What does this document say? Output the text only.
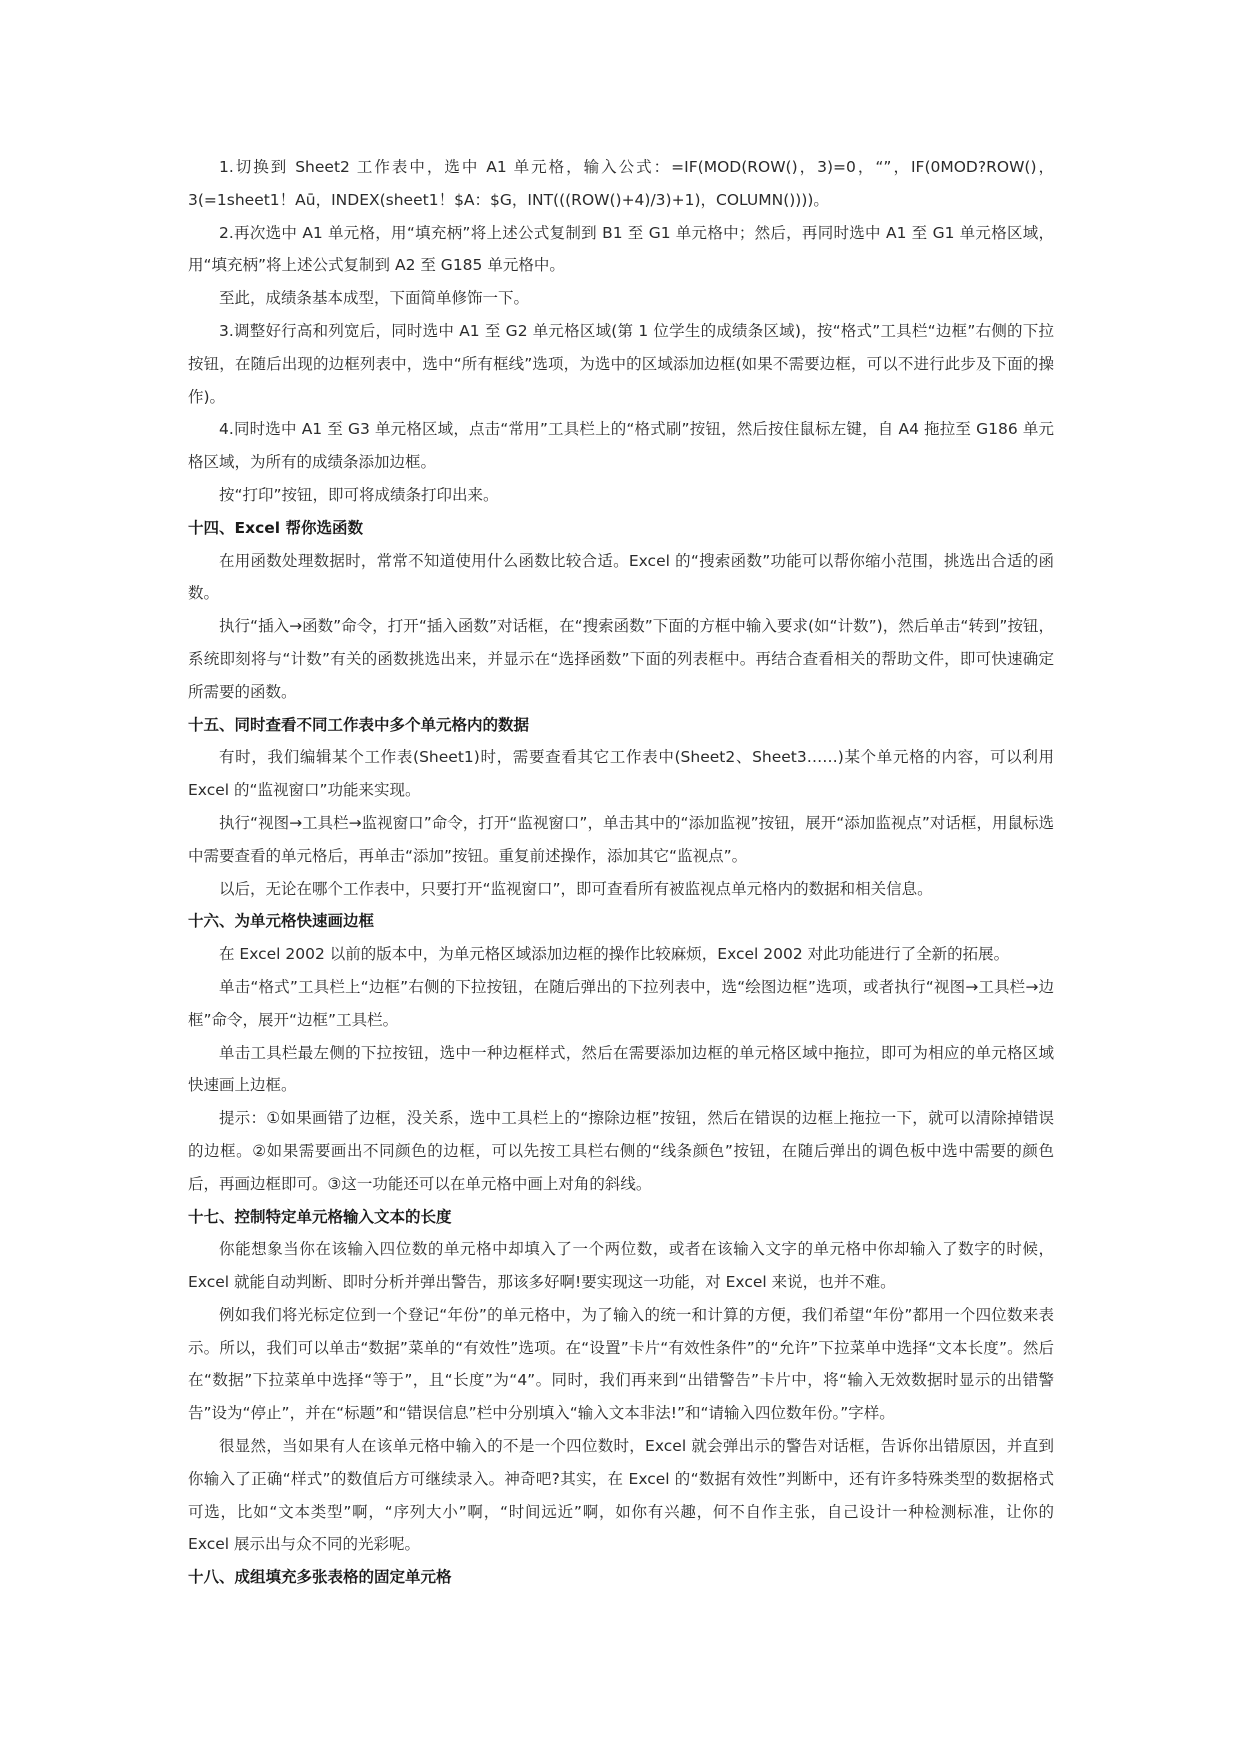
1.切换到 Sheet2 工作表中，选中 A1 单元格，输入公式：=IF(MOD(ROW()，3)=0，“”，IF(0MOD?ROW()，3(=1sheet1！Aū，INDEX(sheet1！$A：$G，INT(((ROW()+4)/3)+1)，COLUMN())))。

2.再次选中 A1 单元格，用“填充柄”将上述公式复制到 B1 至 G1 单元格中；然后，再同时选中 A1 至 G1 单元格区域，用“填充柄”将上述公式复制到 A2 至 G185 单元格中。

至此，成绩条基本成型，下面简单修饰一下。

3.调整好行高和列宽后，同时选中 A1 至 G2 单元格区域(第 1 位学生的成绩条区域)，按“格式”工具栏“边框”右侧的下拉按钮，在随后出现的边框列表中，选中“所有框线”选项，为选中的区域添加边框(如果不需要边框，可以不进行此步及下面的操作)。

4.同时选中 A1 至 G3 单元格区域，点击“常用”工具栏上的“格式刷”按钮，然后按住鼠标左键，自 A4 拖拉至 G186 单元格区域，为所有的成绩条添加边框。

按“打印”按钮，即可将成绩条打印出来。

十四、Excel 帮你选函数

在用函数处理数据时，常常不知道使用什么函数比较合适。Excel 的“搜索函数”功能可以帮你缩小范围，挑选出合适的函数。

执行“插入→函数”命令，打开“插入函数”对话框，在“搜索函数”下面的方框中输入要求(如“计数”)，然后单击“转到”按钮，系统即刻将与“计数”有关的函数挑选出来，并显示在“选择函数”下面的列表框中。再结合查看相关的帮助文件，即可快速确定所需要的函数。

十五、同时查看不同工作表中多个单元格内的数据

有时，我们编辑某个工作表(Sheet1)时，需要查看其它工作表中(Sheet2、Sheet3……)某个单元格的内容，可以利用 Excel 的“监视窗口”功能来实现。

执行“视图→工具栏→监视窗口”命令，打开“监视窗口”，单击其中的“添加监视”按钮，展开“添加监视点”对话框，用鼠标选中需要查看的单元格后，再单击“添加”按钮。重复前述操作，添加其它“监视点”。

以后，无论在哪个工作表中，只要打开“监视窗口”，即可查看所有被监视点单元格内的数据和相关信息。

十六、为单元格快速画边框

在 Excel 2002 以前的版本中，为单元格区域添加边框的操作比较麻烦，Excel 2002 对此功能进行了全新的拓展。

单击“格式”工具栏上“边框”右侧的下拉按钮，在随后弹出的下拉列表中，选“绘图边框”选项，或者执行“视图→工具栏→边框”命令，展开“边框”工具栏。

单击工具栏最左侧的下拉按钮，选中一种边框样式，然后在需要添加边框的单元格区域中拖拉，即可为相应的单元格区域快速画上边框。

提示：①如果画错了边框，没关系，选中工具栏上的“擦除边框”按钮，然后在错误的边框上拖拉一下，就可以清除掉错误的边框。②如果需要画出不同颜色的边框，可以先按工具栏右侧的“线条颜色”按钮，在随后弹出的调色板中选中需要的颜色后，再画边框即可。③这一功能还可以在单元格中画上对角的斜线。

十七、控制特定单元格输入文本的长度

你能想象当你在该输入四位数的单元格中却填入了一个两位数，或者在该输入文字的单元格中你却输入了数字的时候，Excel 就能自动判断、即时分析并弹出警告，那该多好啊!要实现这一功能，对 Excel 来说，也并不难。

例如我们将光标定位到一个登记“年份”的单元格中，为了输入的统一和计算的方便，我们希望“年份”都用一个四位数来表示。所以，我们可以单击“数据”菜单的“有效性”选项。在“设置”卡片“有效性条件”的“允许”下拉菜单中选择“文本长度”。然后在“数据”下拉菜单中选择“等于”，且“长度”为“4”。同时，我们再来到“出错警告”卡片中，将“输入无效数据时显示的出错警告”设为“停止”，并在“标题”和“错误信息”栏中分别填入“输入文本非法!”和“请输入四位数年份。”字样。

很显然，当如果有人在该单元格中输入的不是一个四位数时，Excel 就会弹出示的警告对话框，告诉你出错原因，并直到你输入了正确“样式”的数值后方可继续录入。神奇吧?其实，在 Excel 的“数据有效性”判断中，还有许多特殊类型的数据格式可选，比如“文本类型”啊，“序列大小”啊，“时间远近”啊，如你有兴趣，何不自作主张，自己设计一种检测标准，让你的 Excel 展示出与众不同的光彩呢。

十八、成组填充多张表格的固定单元格
